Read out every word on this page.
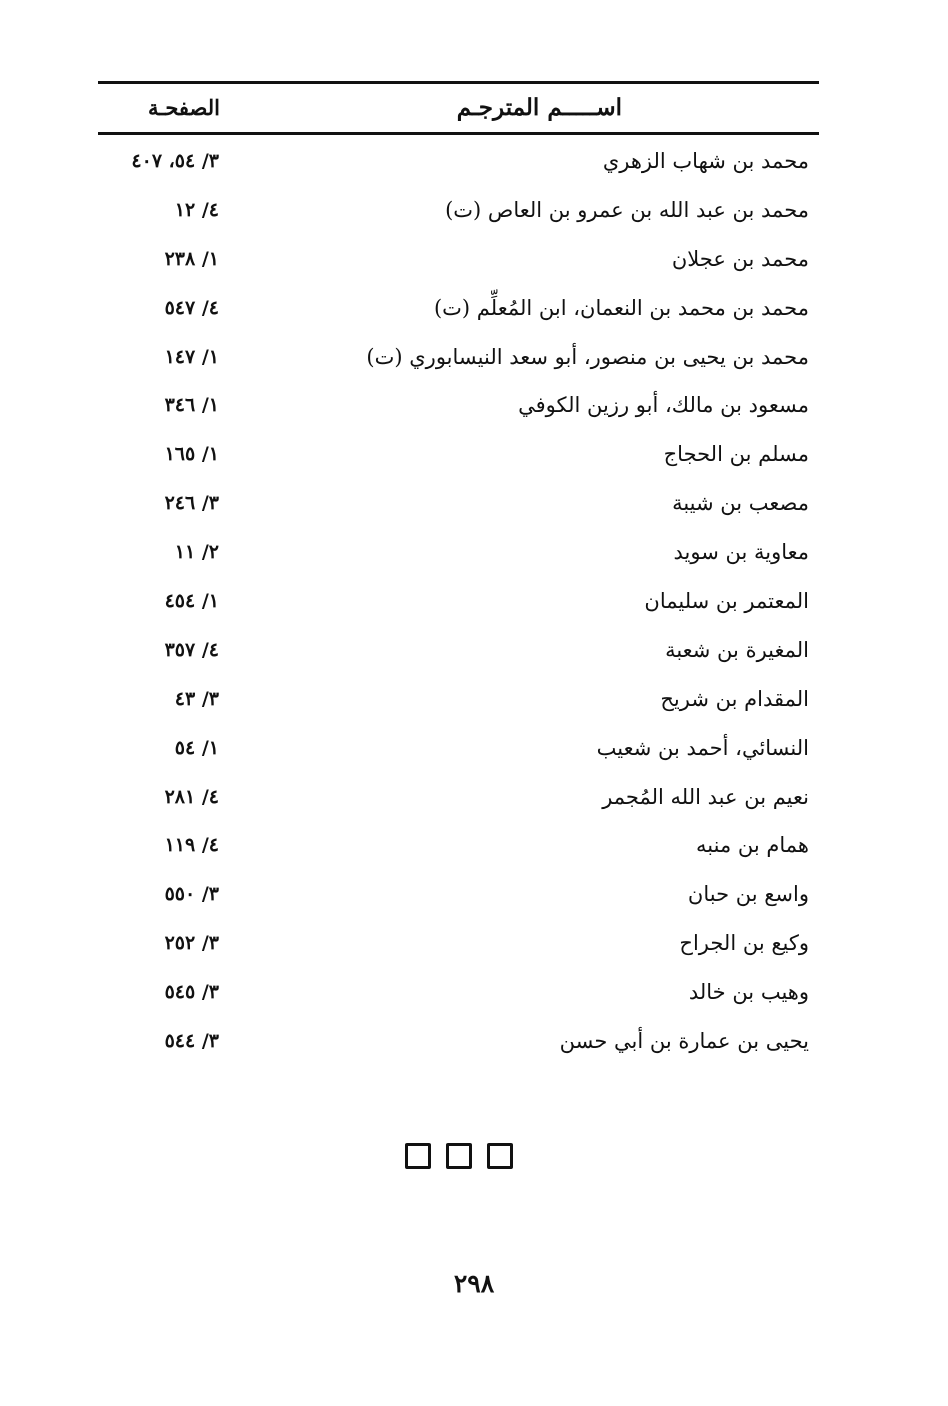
اســـــم المترجـم
الصفحـة
محمد بن شهاب الزهري
٣/ ٥٤، ٤٠٧
محمد بن عبد الله بن عمرو بن العاص (ت)
٤/ ١٢
محمد بن عجلان
١/ ٢٣٨
محمد بن محمد بن النعمان، ابن المُعلِّم (ت)
٤/ ٥٤٧
محمد بن يحيى بن منصور، أبو سعد النيسابوري (ت)
١/ ١٤٧
مسعود بن مالك، أبو رزين الكوفي
١/ ٣٤٦
مسلم بن الحجاج
١/ ١٦٥
مصعب بن شيبة
٣/ ٢٤٦
معاوية بن سويد
٢/ ١١
المعتمر بن سليمان
١/ ٤٥٤
المغيرة بن شعبة
٤/ ٣٥٧
المقدام بن شريح
٣/ ٤٣
النسائي، أحمد بن شعيب
١/ ٥٤
نعيم بن عبد الله المُجمر
٤/ ٢٨١
همام بن منبه
٤/ ١١٩
واسع بن حبان
٣/ ٥٥٠
وكيع بن الجراح
٣/ ٢٥٢
وهيب بن خالد
٣/ ٥٤٥
يحيى بن عمارة بن أبي حسن
٣/ ٥٤٤
٢٩٨
